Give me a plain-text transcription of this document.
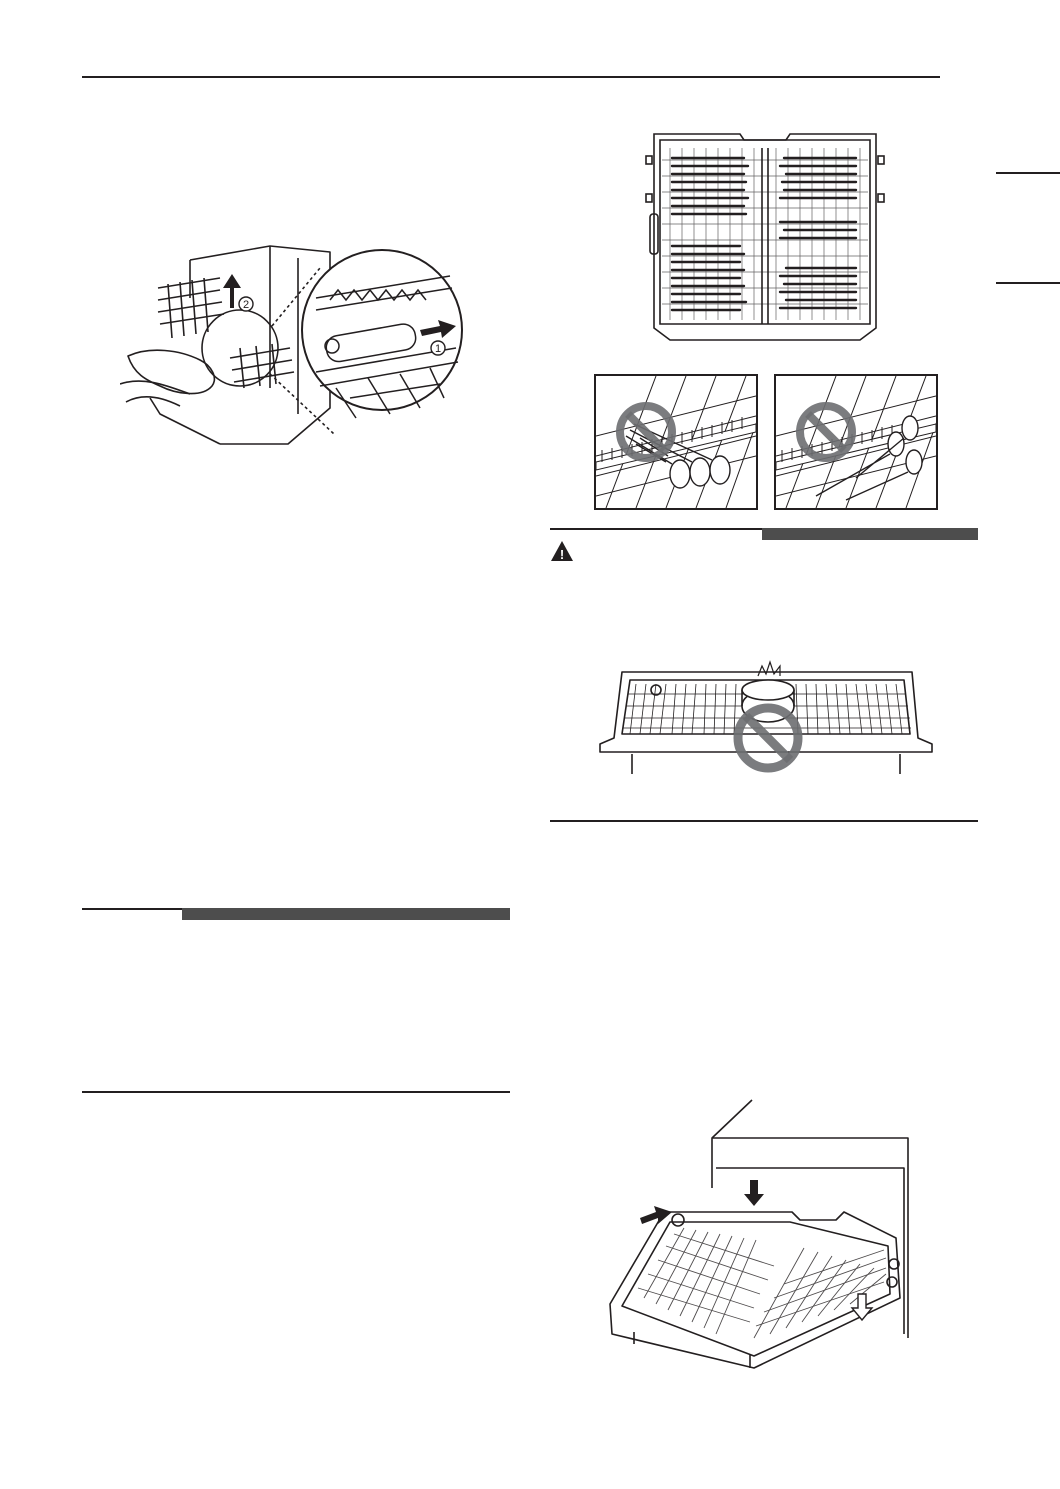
2
1
!
